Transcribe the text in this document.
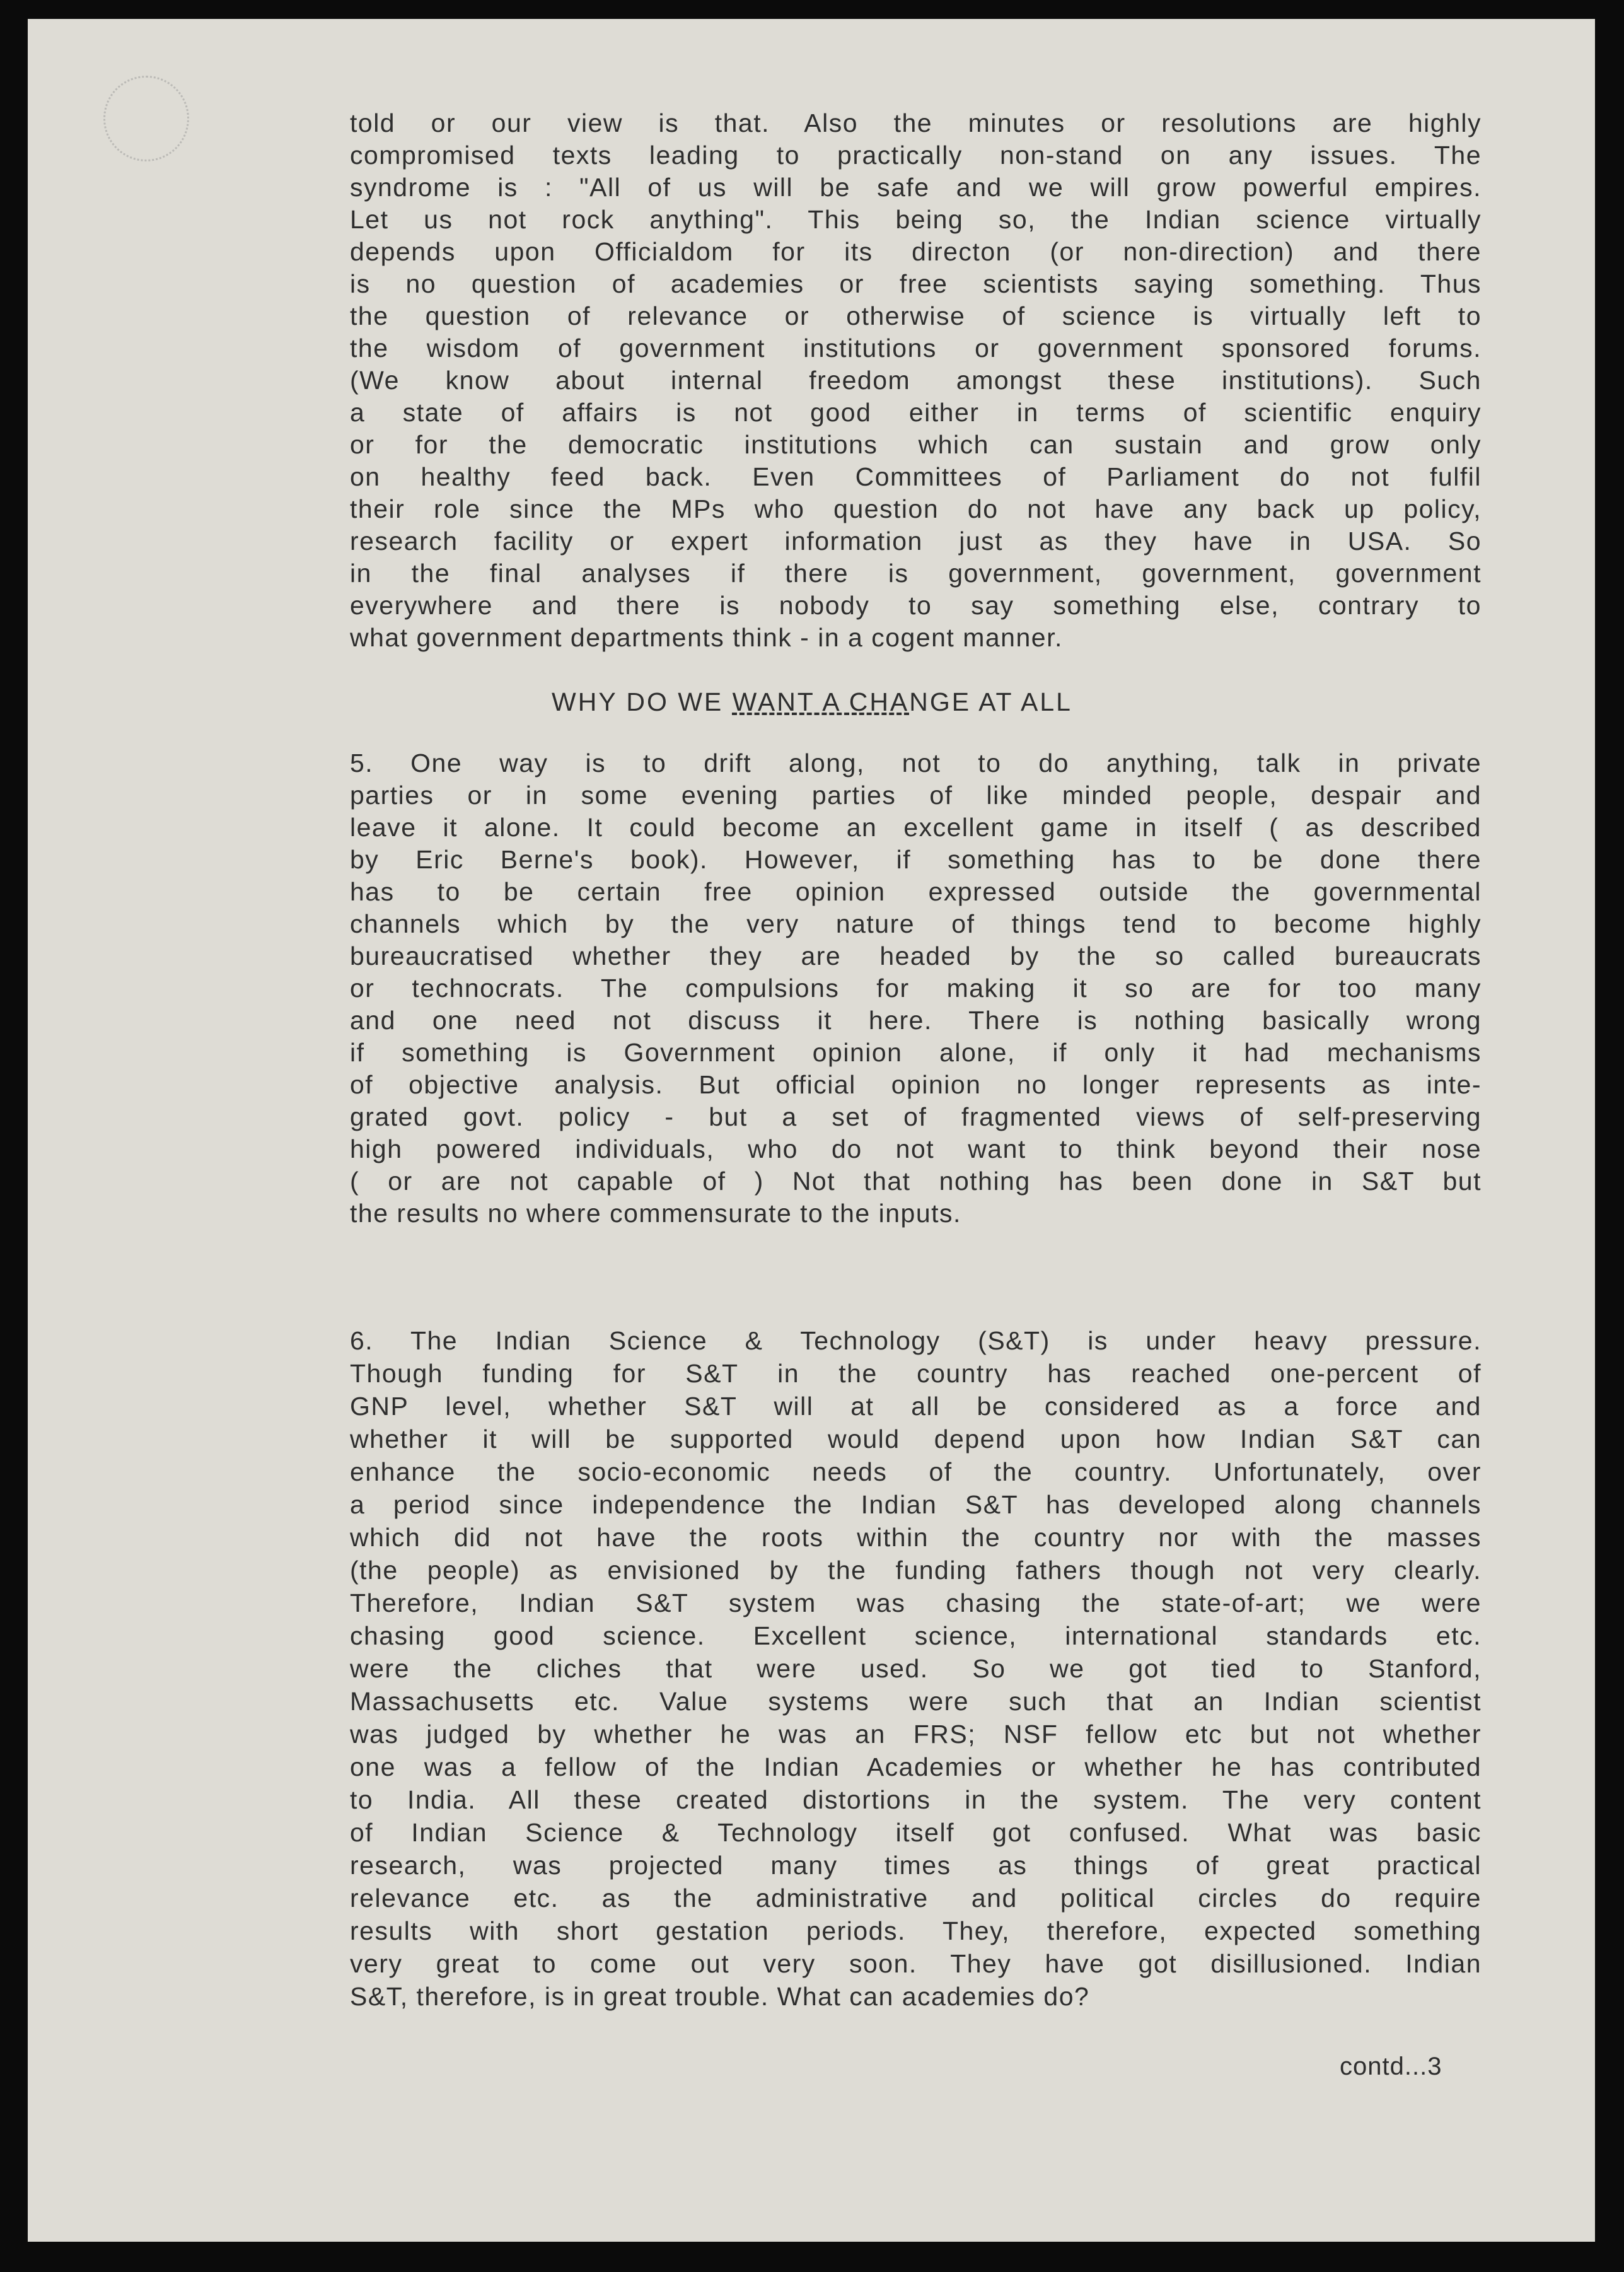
told or our view is that. Also the minutes or resolutions are highly
compromised texts leading to practically non-stand on any issues. The
syndrome is : "All of us will be safe and we will grow powerful empires.
Let us not rock anything". This being so, the Indian science virtually
depends upon Officialdom for its directon (or non-direction) and there
is no question of academies or free scientists saying something. Thus
the question of relevance or otherwise of science is virtually left to
the wisdom of government institutions or government sponsored forums.
(We know about internal freedom amongst these institutions). Such
a state of affairs is not good either in terms of scientific enquiry
or for the democratic institutions which can sustain and grow only
on healthy feed back. Even Committees of Parliament do not fulfil
their role since the MPs who question do not have any back up policy,
research facility or expert information just as they have in USA. So
in the final analyses if there is government, government, government
everywhere and there is nobody to say something else, contrary to
what government departments think - in a cogent manner.
WHY DO WE WANT A CHANGE AT ALL
5. One way is to drift along, not to do anything, talk in private
parties or in some evening parties of like minded people, despair and
leave it alone. It could become an excellent game in itself ( as described
by Eric Berne's book). However, if something has to be done there
has to be certain free opinion expressed outside the governmental
channels which by the very nature of things tend to become highly
bureaucratised whether they are headed by the so called bureaucrats
or technocrats. The compulsions for making it so are for too many
and one need not discuss it here. There is nothing basically wrong
if something is Government opinion alone, if only it had mechanisms
of objective analysis. But official opinion no longer represents as inte-
grated govt. policy - but a set of fragmented views of self-preserving
high powered individuals, who do not want to think beyond their nose
( or are not capable of ) Not that nothing has been done in S&T but
the results no where commensurate to the inputs.
6. The Indian Science & Technology (S&T) is under heavy pressure.
Though funding for S&T in the country has reached one-percent of
GNP level, whether S&T will at all be considered as a force and
whether it will be supported would depend upon how Indian S&T can
enhance the socio-economic needs of the country. Unfortunately, over
a period since independence the Indian S&T has developed along channels
which did not have the roots within the country nor with the masses
(the people) as envisioned by the funding fathers though not very clearly.
Therefore, Indian S&T system was chasing the state-of-art; we were
chasing good science. Excellent science, international standards etc.
were the cliches that were used. So we got tied to Stanford,
Massachusetts etc. Value systems were such that an Indian scientist
was judged by whether he was an FRS; NSF fellow etc but not whether
one was a fellow of the Indian Academies or whether he has contributed
to India. All these created distortions in the system. The very content
of Indian Science & Technology itself got confused. What was basic
research, was projected many times as things of great practical
relevance etc. as the administrative and political circles do require
results with short gestation periods. They, therefore, expected something
very great to come out very soon. They have got disillusioned. Indian
S&T, therefore, is in great trouble. What can academies do?
contd...3
